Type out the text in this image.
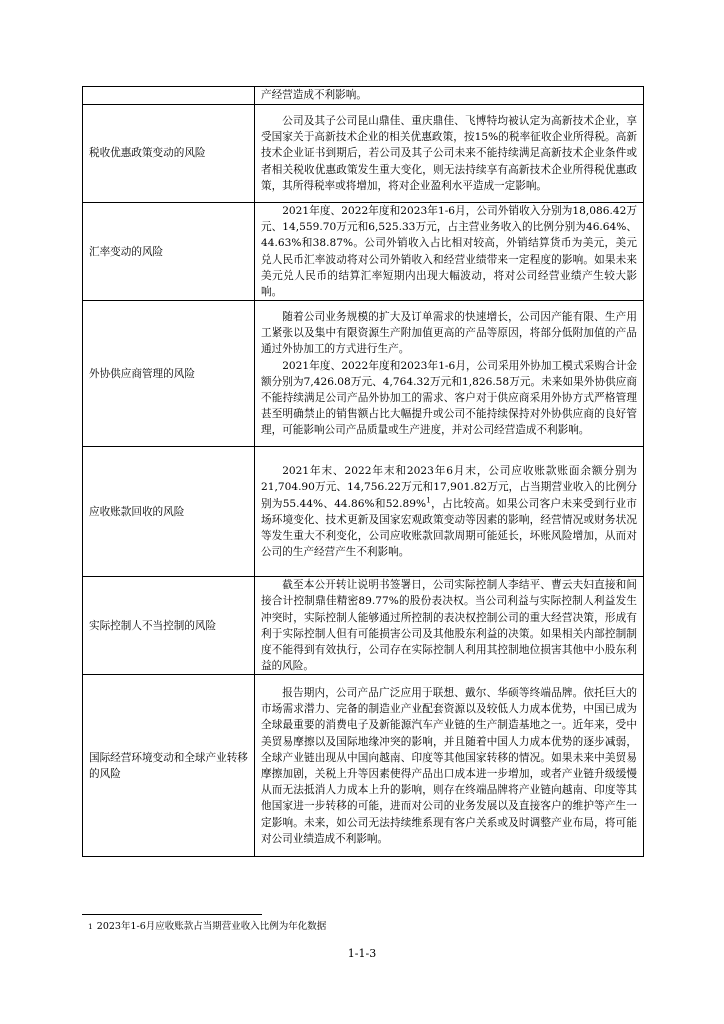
	产经营造成不利影响。

税收优惠政策变动的风险	公司及其子公司昆山鼎佳、重庆鼎佳、飞博特均被认定为高新技术企业，享受国家关于高新技术企业的相关优惠政策，按15%的税率征收企业所得税。高新技术企业证书到期后，若公司及其子公司未来不能持续满足高新技术企业条件或者相关税收优惠政策发生重大变化，则无法持续享有高新技术企业所得税优惠政策，其所得税率或将增加，将对企业盈利水平造成一定影响。

汇率变动的风险	2021年度、2022年度和2023年1-6月，公司外销收入分别为18,086.42万元、14,559.70万元和6,525.33万元，占主营业务收入的比例分别为46.64%、44.63%和38.87%。公司外销收入占比相对较高，外销结算货币为美元，美元兑人民币汇率波动将对公司外销收入和经营业绩带来一定程度的影响。如果未来美元兑人民币的结算汇率短期内出现大幅波动，将对公司经营业绩产生较大影响。

外协供应商管理的风险	随着公司业务规模的扩大及订单需求的快速增长，公司因产能有限、生产用工紧张以及集中有限资源生产附加值更高的产品等原因，将部分低附加值的产品通过外协加工的方式进行生产。

2021年度、2022年度和2023年1-6月，公司采用外协加工模式采购合计金额分别为7,426.08万元、4,764.32万元和1,826.58万元。未来如果外协供应商不能持续满足公司产品外协加工的需求、客户对于供应商采用外协方式严格管理甚至明确禁止的销售额占比大幅提升或公司不能持续保持对外协供应商的良好管理，可能影响公司产品质量或生产进度，并对公司经营造成不利影响。

应收账款回收的风险	2021年末、2022年末和2023年6月末，公司应收账款账面余额分别为21,704.90万元、14,756.22万元和17,901.82万元，占当期营业收入的比例分别为55.44%、44.86%和52.89%$^1$，占比较高。如果公司客户未来受到行业市场环境变化、技术更新及国家宏观政策变动等因素的影响，经营情况或财务状况等发生重大不利变化，公司应收账款回款周期可能延长，坏账风险增加，从而对公司的生产经营产生不利影响。

实际控制人不当控制的风险	截至本公开转让说明书签署日，公司实际控制人李结平、曹云夫妇直接和间接合计控制鼎佳精密89.77%的股份表决权。当公司利益与实际控制人利益发生冲突时，实际控制人能够通过所控制的表决权控制公司的重大经营决策，形成有利于实际控制人但有可能损害公司及其他股东利益的决策。如果相关内部控制制度不能得到有效执行，公司存在实际控制人利用其控制地位损害其他中小股东利益的风险。

国际经营环境变动和全球产业转移的风险	报告期内，公司产品广泛应用于联想、戴尔、华硕等终端品牌。依托巨大的市场需求潜力、完备的制造业产业配套资源以及较低人力成本优势，中国已成为全球最重要的消费电子及新能源汽车产业链的生产制造基地之一。近年来，受中美贸易摩擦以及国际地缘冲突的影响，并且随着中国人力成本优势的逐步减弱，全球产业链出现从中国向越南、印度等其他国家转移的情况。如果未来中美贸易摩擦加剧，关税上升等因素使得产品出口成本进一步增加，或者产业链升级缓慢从而无法抵消人力成本上升的影响，则存在终端品牌将产业链向越南、印度等其他国家进一步转移的可能，进而对公司的业务发展以及直接客户的维护等产生一定影响。未来，如公司无法持续维系现有客户关系或及时调整产业布局，将可能对公司业绩造成不利影响。

$^1$ 2023年1-6月应收账款占当期营业收入比例为年化数据
1-1-3
